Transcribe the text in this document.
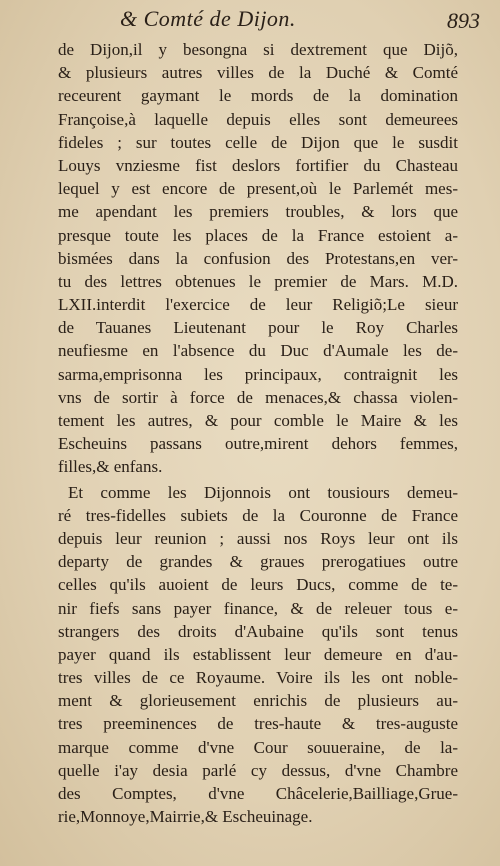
& Comté de Dijon.	893
de Dijon,il y besongna si dextrement que Dijõ,
& plusieurs autres villes de la Duché & Comté
receurent gaymant le mords de la domination
Françoise,à laquelle depuis elles sont demeurees
fideles ; sur toutes celle de Dijon que le susdit
Louys vnziesme fist deslors fortifier du Chasteau
lequel y est encore de present,où le Parlemét mes-
me apendant les premiers troubles, & lors que
presque toute les places de la France estoient a-
bismées dans la confusion des Protestans,en ver-
tu des lettres obtenues le premier de Mars. M.D.
LXII.interdit l'exercice de leur Religiõ;Le sieur
de Tauanes Lieutenant pour le Roy Charles
neufiesme en l'absence du Duc d'Aumale les de-
sarma,emprisonna les principaux, contraignit les
vns de sortir à force de menaces,& chassa violen-
tement les autres, & pour comble le Maire & les
Escheuins passans outre,mirent dehors femmes,
filles,& enfans.
Et comme les Dijonnois ont tousiours demeu-
ré tres-fidelles subiets de la Couronne de France
depuis leur reunion ; aussi nos Roys leur ont ils
departy de grandes & graues prerogatiues outre
celles qu'ils auoient de leurs Ducs, comme de te-
nir fiefs sans payer finance, & de releuer tous e-
strangers des droits d'Aubaine qu'ils sont tenus
payer quand ils establissent leur demeure en d'au-
tres villes de ce Royaume. Voire ils les ont noble-
ment & glorieusement enrichis de plusieurs au-
tres preeminences de tres-haute & tres-auguste
marque comme d'vne Cour souueraine, de la-
quelle i'ay desia parlé cy dessus, d'vne Chambre
des Comptes, d'vne Châcelerie,Bailliage,Grue-
rie,Monnoye,Mairrie,& Escheuinage.
